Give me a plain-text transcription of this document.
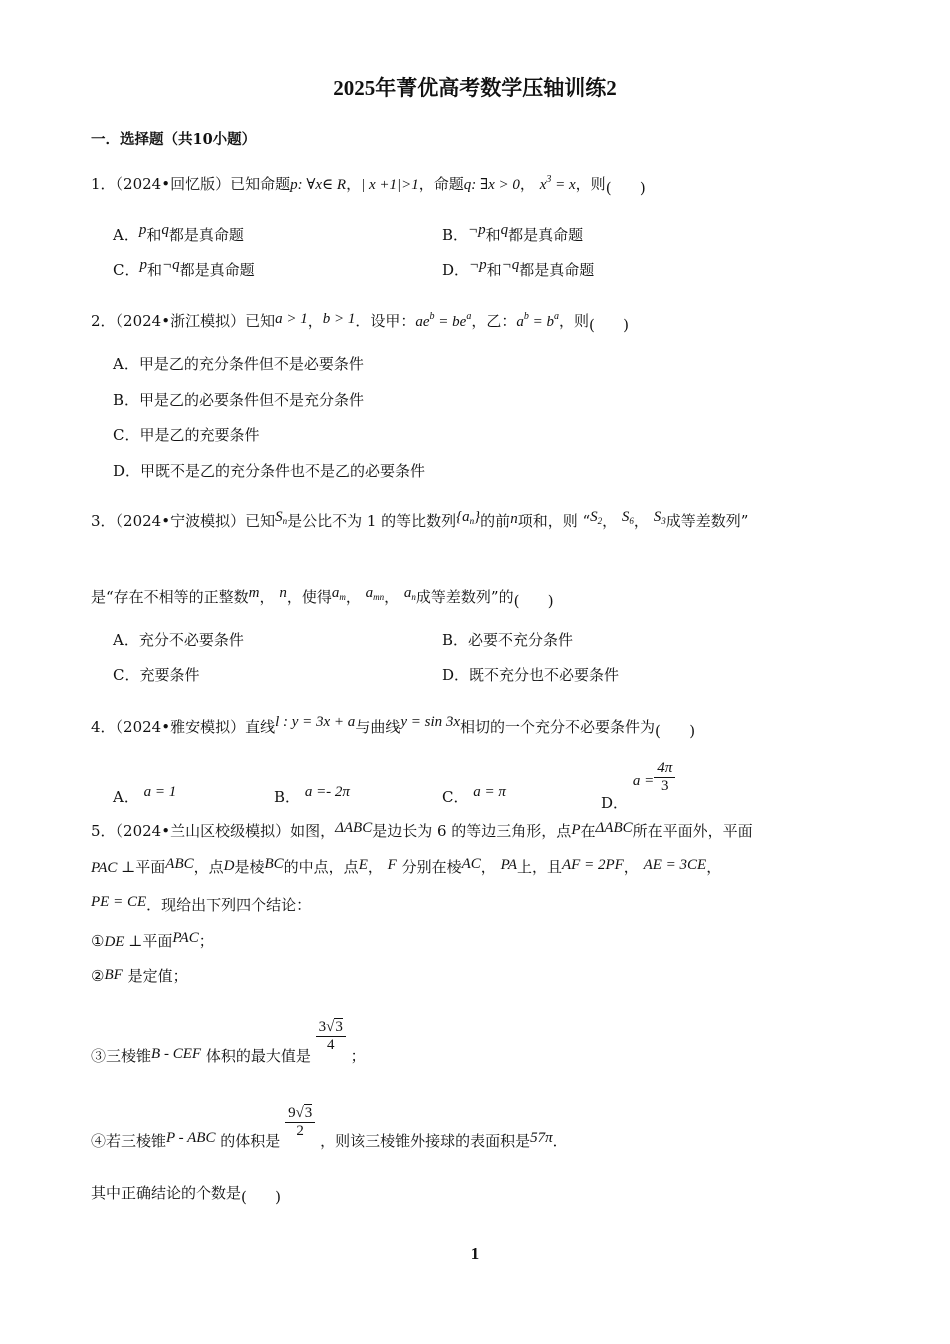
2025年菁优高考数学压轴训练2
一．选择题（共10小题）
1．（2024•回忆版）已知命题p: ∀x∈ R，| x +1|>1，命题q: ∃x > 0， $x^3 = x$，则 ( )
A．p和q都是真命题	B．¬p和q都是真命题
C．p和¬q都是真命题	D．¬p和¬q都是真命题
2．（2024•浙江模拟）已知a > 1，b > 1．设甲：$ae^b = be^a$，乙：$a^b = b^a$，则 ( )
A．甲是乙的充分条件但不是必要条件
B．甲是乙的必要条件但不是充分条件
C．甲是乙的充要条件
D．甲既不是乙的充分条件也不是乙的必要条件
3．（2024•宁波模拟）已知$S_n$是公比不为 1 的等比数列$\{a_n\}$的前n项和，则 “$S_2$， $S_6$， $S_3$成等差数列”
是“存在不相等的正整数m， n，使得$a_m$， $a_{mn}$， $a_n$成等差数列”的 ( )
A．充分不必要条件	B．必要不充分条件
C．充要条件	D．既不充分也不必要条件
4．（2024•雅安模拟）直线l : y = 3x + a与曲线y = sin 3x相切的一个充分不必要条件为 ( )
A． a = 1	B． a =- 2π	C． a = π
D． $a = \frac{4\pi}{3}$
5．（2024•兰山区校级模拟）如图，ΔABC是边长为 6 的等边三角形，点P在ΔABC所在平面外，平面
PAC ⊥平面ABC，点D是棱BC的中点，点E， F 分别在棱AC， PA上，且AF = 2PF， AE = 3CE，
PE = CE．现给出下列四个结论：
①DE ⊥平面PAC；
②BF 是定值；
③三棱锥B - CEF 体积的最大值是
$\frac{3√3}{4}$
；
④若三棱锥P - ABC 的体积是
$\frac{9√3}{2}$
，则该三棱锥外接球的表面积是57π．
其中正确结论的个数是 ( )
1
